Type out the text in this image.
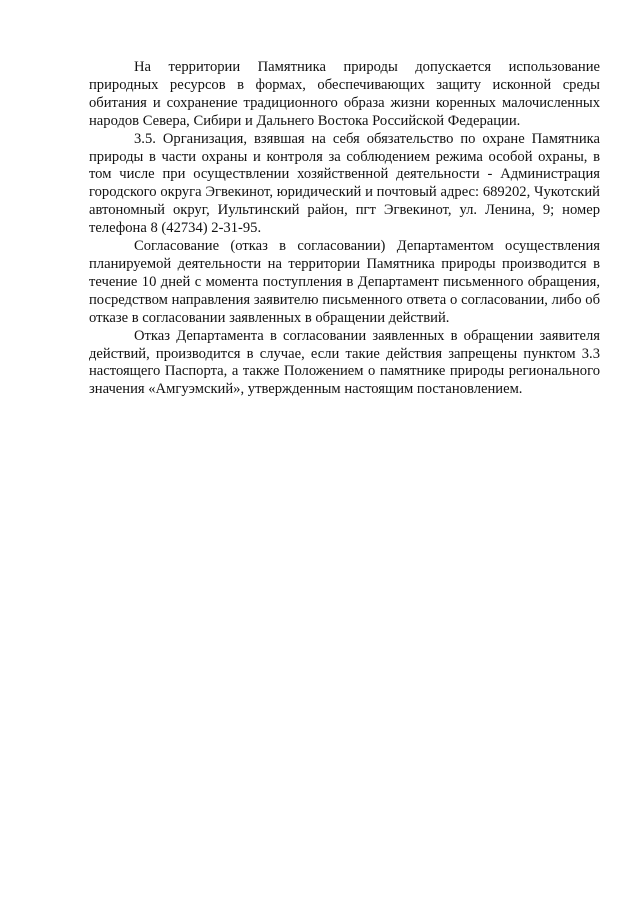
На территории Памятника природы допускается использование природных ресурсов в формах, обеспечивающих защиту исконной среды обитания и сохранение традиционного образа жизни коренных малочисленных народов Севера, Сибири и Дальнего Востока Российской Федерации.

3.5. Организация, взявшая на себя обязательство по охране Памятника природы в части охраны и контроля за соблюдением режима особой охраны, в том числе при осуществлении хозяйственной деятельности - Администрация городского округа Эгвекинот, юридический и почтовый адрес: 689202, Чукотский автономный округ, Иультинский район, пгт Эгвекинот, ул. Ленина, 9; номер телефона 8 (42734) 2-31-95.

Согласование (отказ в согласовании) Департаментом осуществления планируемой деятельности на территории Памятника природы производится в течение 10 дней с момента поступления в Департамент письменного обращения, посредством направления заявителю письменного ответа о согласовании, либо об отказе в согласовании заявленных в обращении действий.

Отказ Департамента в согласовании заявленных в обращении заявителя действий, производится в случае, если такие действия запрещены пунктом 3.3 настоящего Паспорта, а также Положением о памятнике природы регионального значения «Амгуэмский», утвержденным настоящим постановлением.
